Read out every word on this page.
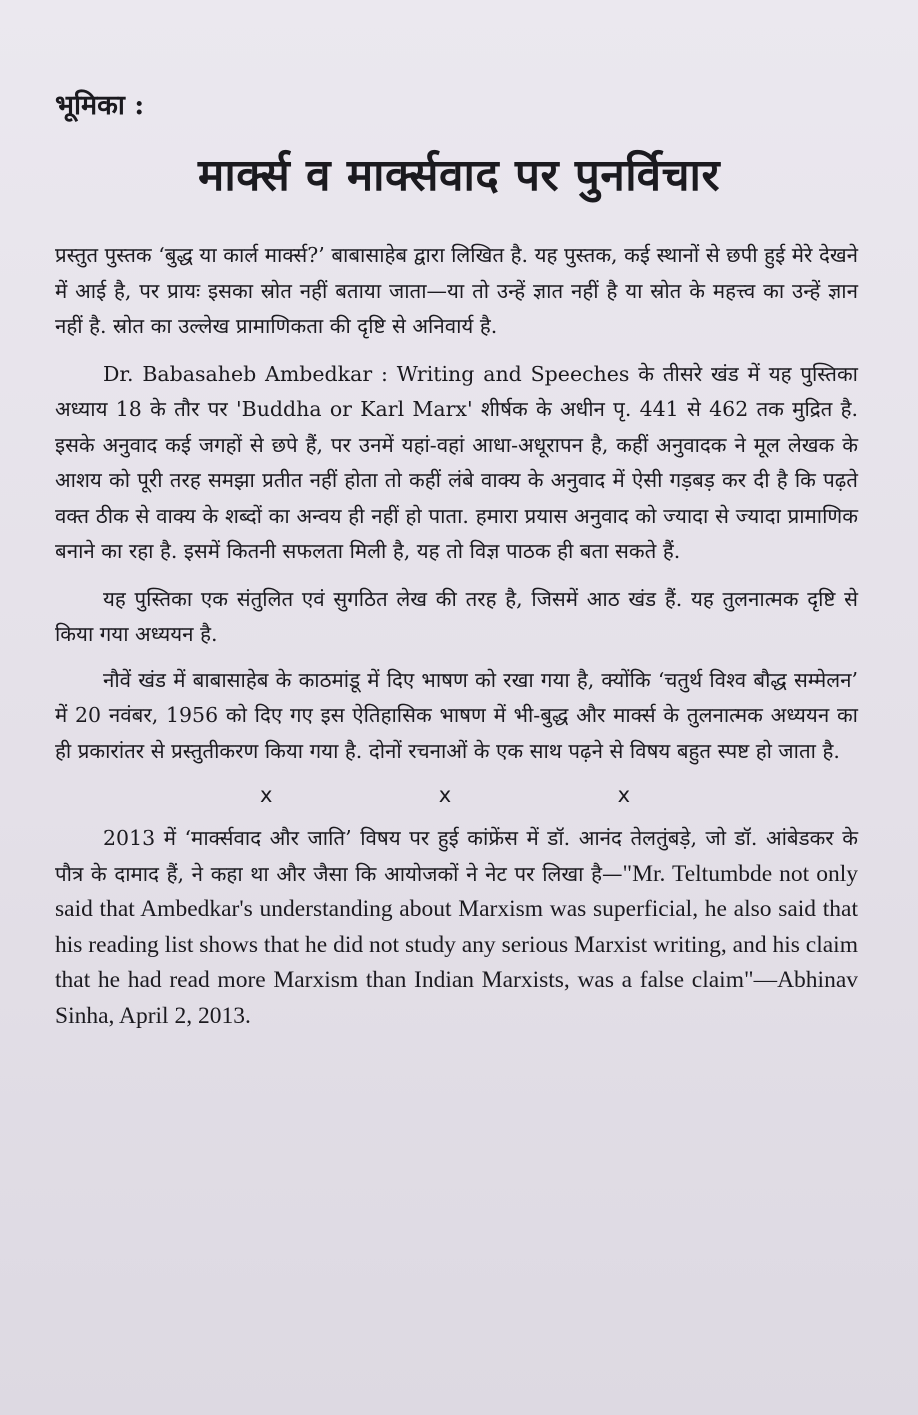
भूमिका :
मार्क्स व मार्क्सवाद पर पुनर्विचार

प्रस्तुत पुस्तक ‘बुद्ध या कार्ल मार्क्स?’ बाबासाहेब द्वारा लिखित है. यह पुस्तक, कई स्थानों से छपी हुई मेरे देखने में आई है, पर प्रायः इसका स्रोत नहीं बताया जाता—या तो उन्हें ज्ञात नहीं है या स्रोत के महत्त्व का उन्हें ज्ञान नहीं है. स्रोत का उल्लेख प्रामाणिकता की दृष्टि से अनिवार्य है.

Dr. Babasaheb Ambedkar : Writing and Speeches के तीसरे खंड में यह पुस्तिका अध्याय 18 के तौर पर 'Buddha or Karl Marx' शीर्षक के अधीन पृ. 441 से 462 तक मुद्रित है. इसके अनुवाद कई जगहों से छपे हैं, पर उनमें यहां-वहां आधा-अधूरापन है, कहीं अनुवादक ने मूल लेखक के आशय को पूरी तरह समझा प्रतीत नहीं होता तो कहीं लंबे वाक्य के अनुवाद में ऐसी गड़बड़ कर दी है कि पढ़ते वक्त ठीक से वाक्य के शब्दों का अन्वय ही नहीं हो पाता. हमारा प्रयास अनुवाद को ज्यादा से ज्यादा प्रामाणिक बनाने का रहा है. इसमें कितनी सफलता मिली है, यह तो विज्ञ पाठक ही बता सकते हैं.

यह पुस्तिका एक संतुलित एवं सुगठित लेख की तरह है, जिसमें आठ खंड हैं. यह तुलनात्मक दृष्टि से किया गया अध्ययन है.

नौवें खंड में बाबासाहेब के काठमांडू में दिए भाषण को रखा गया है, क्योंकि ‘चतुर्थ विश्व बौद्ध सम्मेलन’ में 20 नवंबर, 1956 को दिए गए इस ऐतिहासिक भाषण में भी-बुद्ध और मार्क्स के तुलनात्मक अध्ययन का ही प्रकारांतर से प्रस्तुतीकरण किया गया है. दोनों रचनाओं के एक साथ पढ़ने से विषय बहुत स्पष्ट हो जाता है.

x	x	x

2013 में ‘मार्क्सवाद और जाति’ विषय पर हुई कांफ्रेंस में डॉ. आनंद तेलतुंबड़े, जो डॉ. आंबेडकर के पौत्र के दामाद हैं, ने कहा था और जैसा कि आयोजकों ने नेट पर लिखा है—"Mr. Teltumbde not only said that Ambedkar's understanding about Marxism was superficial, he also said that his reading list shows that he did not study any serious Marxist writing, and his claim that he had read more Marxism than Indian Marxists, was a false claim"—Abhinav Sinha, April 2, 2013.
